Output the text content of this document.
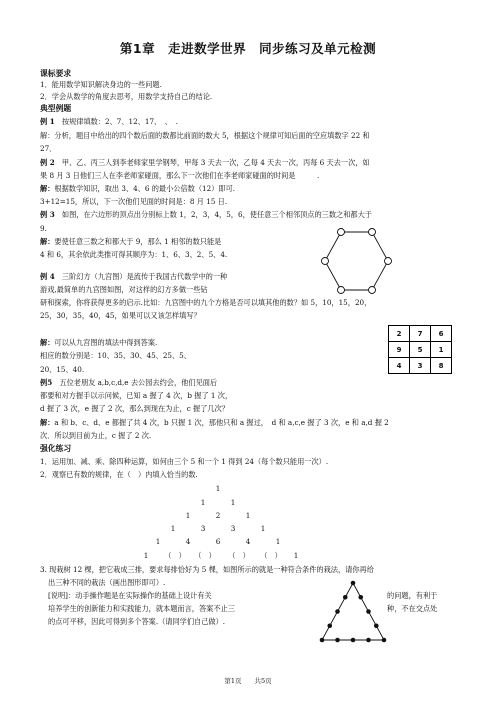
第1章　走进数学世界　同步练习及单元检测
课标要求
1．能用数学知识解决身边的一些问题.
2．学会从数学的角度去思考，用数学支持自己的结论.
典型例题
例 1　 按规律填数：2、7、12、17、　、　.
解：分析，题目中给出的四个数后面的数都比前面的数大 5，根据这个规律可知后面的空应填数字 22 和
27．
例 2　 甲、乙、丙三人到李老师家里学钢琴，甲每 3 天去一次，乙每 4 天去一次，丙每 6 天去一次，如
果 8 月 3 日他们三人在李老师家碰面，那么下一次他们在李老师家碰面的时间是　　　.
解：根据数学知识，取出 3、4、6 的最小公倍数（12）即可.
3+12=15，所以，下一次他们见面的时间是：8 月 15 日.
例 3　 如图，在六边形的顶点出分别标上数 1，2，3，4，5，6，使任意三个相邻顶点的三数之和都大于
9.
解：要使任意三数之和都大于 9，那么 1 相邻的数只能是
4 和 6，其余依此类推可得其顺序为：1、6、3、2、5、4.
例 4　 三阶幻方（九宫图）是流传于我国古代数学中的一种
游戏,最简单的九宫图如图，对这样的幻方多做一些钻
研和探索，你将获得更多的启示.比如：九宫图中的九个方格是否可以填其他的数？如 5，10，15，20，
25，30，35，40，45，如果可以又该怎样填写？
解：可以从九宫图的填法中得到答案.
相应的数分别是：10、35、30、45、25、5、
20、15、40.
2	7	6
9	5	1
4	3	8
例5　 五位老朋友 a,b,c,d,e 去公园去约会，他们见面后
都要和对方握手以示问候，已知 a 握了 4 次，b 握了 1 次，
d 握了 3 次，e 握了 2 次，那么到现在为止，c 握了几次？
解：a 和 b、c、d、e 都握了共 4 次，b 只握 1 次，那他只和 a 握过，　d 和 a,c,e 握了 3 次，e 和 a,d 握 2
次．所以到目前为止，c 握了 2 次.
强化练习
1．运用加、减、乘、除四种运算，如何由三个 5 和一个 1 得到 24（每个数只能用一次）.
2．观察已有数的规律，在（　）内填入恰当的数.
1
1	1
1	2	1
1	3	3	1
1	4	6	4	1
1	（　）	（　）	（　）	（　）	1
3. 现栽树 12 棵，把它栽成三排，要求每排恰好为 5 棵，如图所示的就是一种符合条件的栽法，请你再给
出三种不同的栽法（画出图形即可）.
[说明]：动手操作题是在实际操作的基础上设计有关	的问题，有利于
培养学生的创新能力和实践能力，就本题而言，答案不止三	种，不在交点处
的点可平移，因此可得到多个答案.（请同学们自己做）.
第1页　　共5页
